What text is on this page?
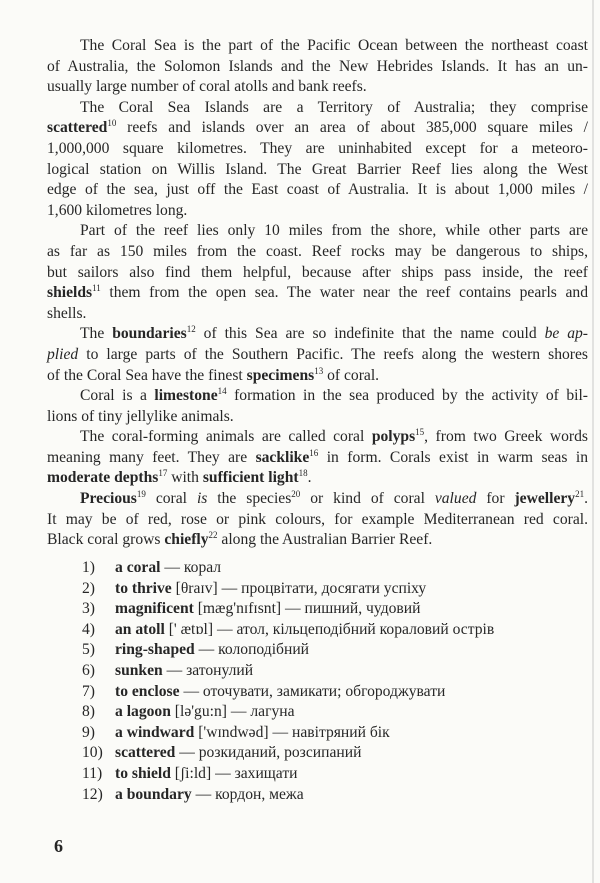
The Coral Sea is the part of the Pacific Ocean between the northeast coast
of Australia, the Solomon Islands and the New Hebrides Islands. It has an un-
usually large number of coral atolls and bank reefs.
The Coral Sea Islands are a Territory of Australia; they comprise
scattered$^{10}$ reefs and islands over an area of about 385,000 square miles /
1,000,000 square kilometres. They are uninhabited except for a meteoro-
logical station on Willis Island. The Great Barrier Reef lies along the West
edge of the sea, just off the East coast of Australia. It is about 1,000 miles /
1,600 kilometres long.
Part of the reef lies only 10 miles from the shore, while other parts are
as far as 150 miles from the coast. Reef rocks may be dangerous to ships,
but sailors also find them helpful, because after ships pass inside, the reef
shields$^{11}$ them from the open sea. The water near the reef contains pearls and
shells.
The boundaries$^{12}$ of this Sea are so indefinite that the name could be ap-
plied to large parts of the Southern Pacific. The reefs along the western shores
of the Coral Sea have the finest specimens$^{13}$ of coral.
Coral is a limestone$^{14}$ formation in the sea produced by the activity of bil-
lions of tiny jellylike animals.
The coral-forming animals are called coral polyps$^{15}$, from two Greek words
meaning many feet. They are sacklike$^{16}$ in form. Corals exist in warm seas in
moderate depths$^{17}$ with sufficient light$^{18}$.
Precious$^{19}$ coral is the species$^{20}$ or kind of coral valued for jewellery$^{21}$.
It may be of red, rose or pink colours, for example Mediterranean red coral.
Black coral grows chiefly$^{22}$ along the Australian Barrier Reef.
1) a coral — корал
2) to thrive [θraɪv] — процвітати, досягати успіху
3) magnificent [mæg'nɪfɪsnt] — пишний, чудовий
4) an atoll [' ætɒl] — атол, кільцеподібний кораловий острів
5) ring-shaped — колоподібний
6) sunken — затонулий
7) to enclose — оточувати, замикати; обгороджувати
8) a lagoon [lə'gu:n] — лагуна
9) a windward ['wɪndwəd] — навітряний бік
10) scattered — розкиданий, розсипаний
11) to shield [ʃi:ld] — захищати
12) a boundary — кордон, межа
6
